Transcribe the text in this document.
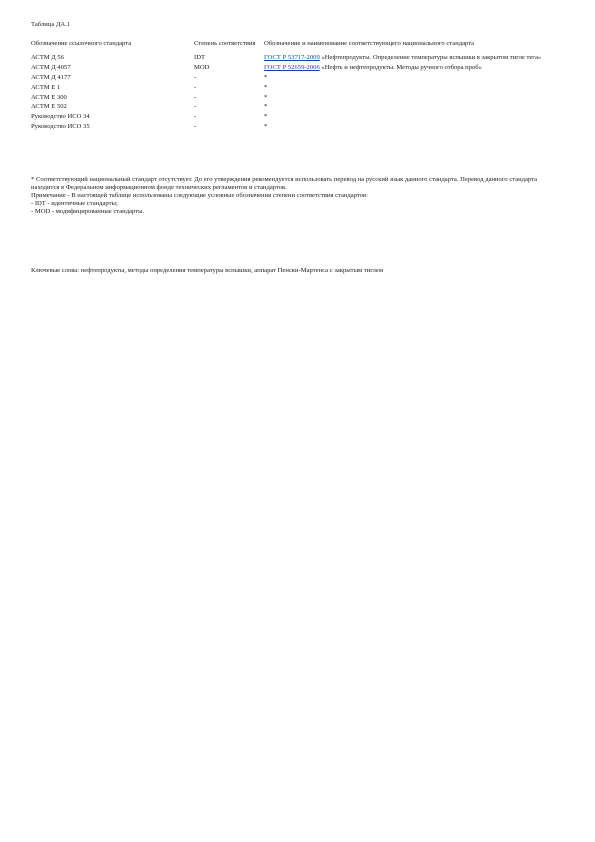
Таблица ДА.1
Обозначение ссылочного стандарта	Степень соответствия	Обозначение и наименование соответствующего национального стандарта
АСТМ Д 56	IDT	ГОСТ Р 53717-2009 «Нефтепродукты. Определение температуры вспышки в закрытом тигле тега»
АСТМ Д 4057	MOD	ГОСТ Р 52659-2006 «Нефть и нефтепродукты. Методы ручного отбора проб»
АСТМ Д 4177	-	*
АСТМ Е 1	-	*
АСТМ Е 300	-	*
АСТМ Е 502	-	*
Руководство ИСО 34	-	*
Руководство ИСО 35	-	*

* Соответствующий национальный стандарт отсутствует. До его утверждения рекомендуется использовать перевод на русский язык данного стандарта. Перевод данного стандарта находится в Федеральном информационном фонде технических регламентов и стандартов.

Примечание - В настоящей таблице использованы следующие условные обозначения степени соответствия стандартов:

- IDT - идентичные стандарты;

- MOD - модифицированные стандарты.

Ключевые слова: нефтепродукты, методы определения температуры вспышки, аппарат Пенски-Мартенса с закрытым тиглем
